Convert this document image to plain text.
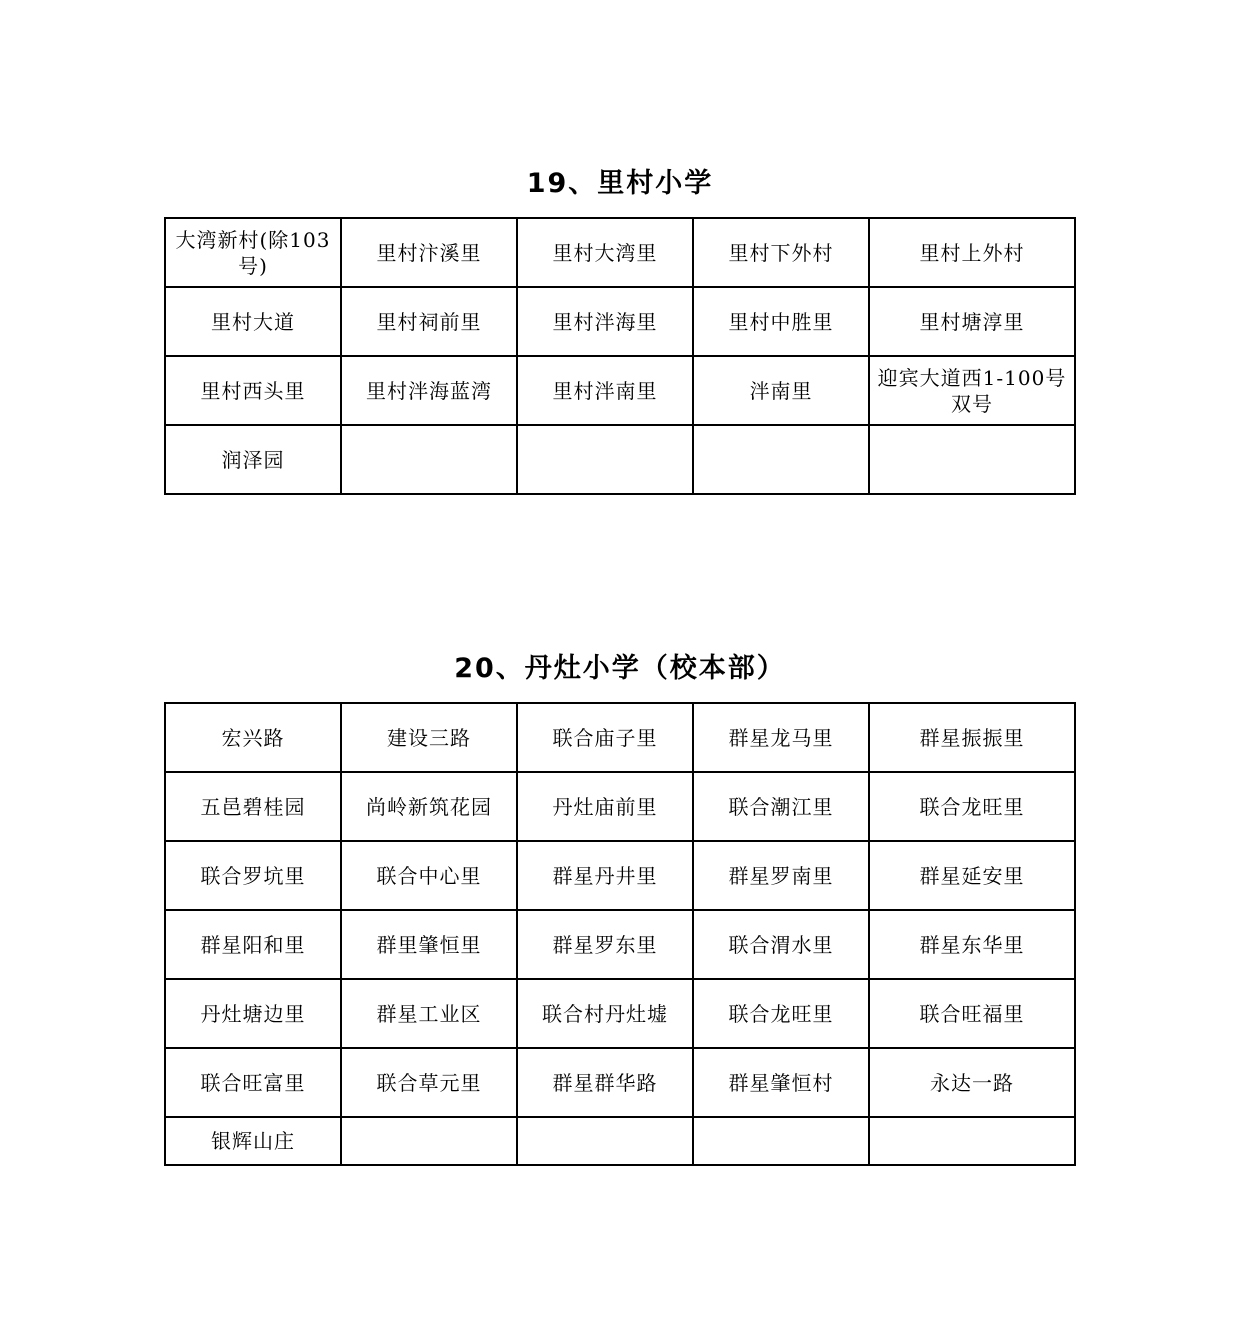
19、里村小学
大湾新村(除103号)	里村汴溪里	里村大湾里	里村下外村	里村上外村
里村大道	里村祠前里	里村泮海里	里村中胜里	里村塘淳里
里村西头里	里村泮海蓝湾	里村泮南里	泮南里	迎宾大道西1-100号双号
润泽园				
20、丹灶小学（校本部）
宏兴路	建设三路	联合庙子里	群星龙马里	群星振振里
五邑碧桂园	尚岭新筑花园	丹灶庙前里	联合潮江里	联合龙旺里
联合罗坑里	联合中心里	群星丹井里	群星罗南里	群星延安里
群星阳和里	群里肇恒里	群星罗东里	联合渭水里	群星东华里
丹灶塘边里	群星工业区	联合村丹灶墟	联合龙旺里	联合旺福里
联合旺富里	联合草元里	群星群华路	群星肇恒村	永达一路
银辉山庄				
